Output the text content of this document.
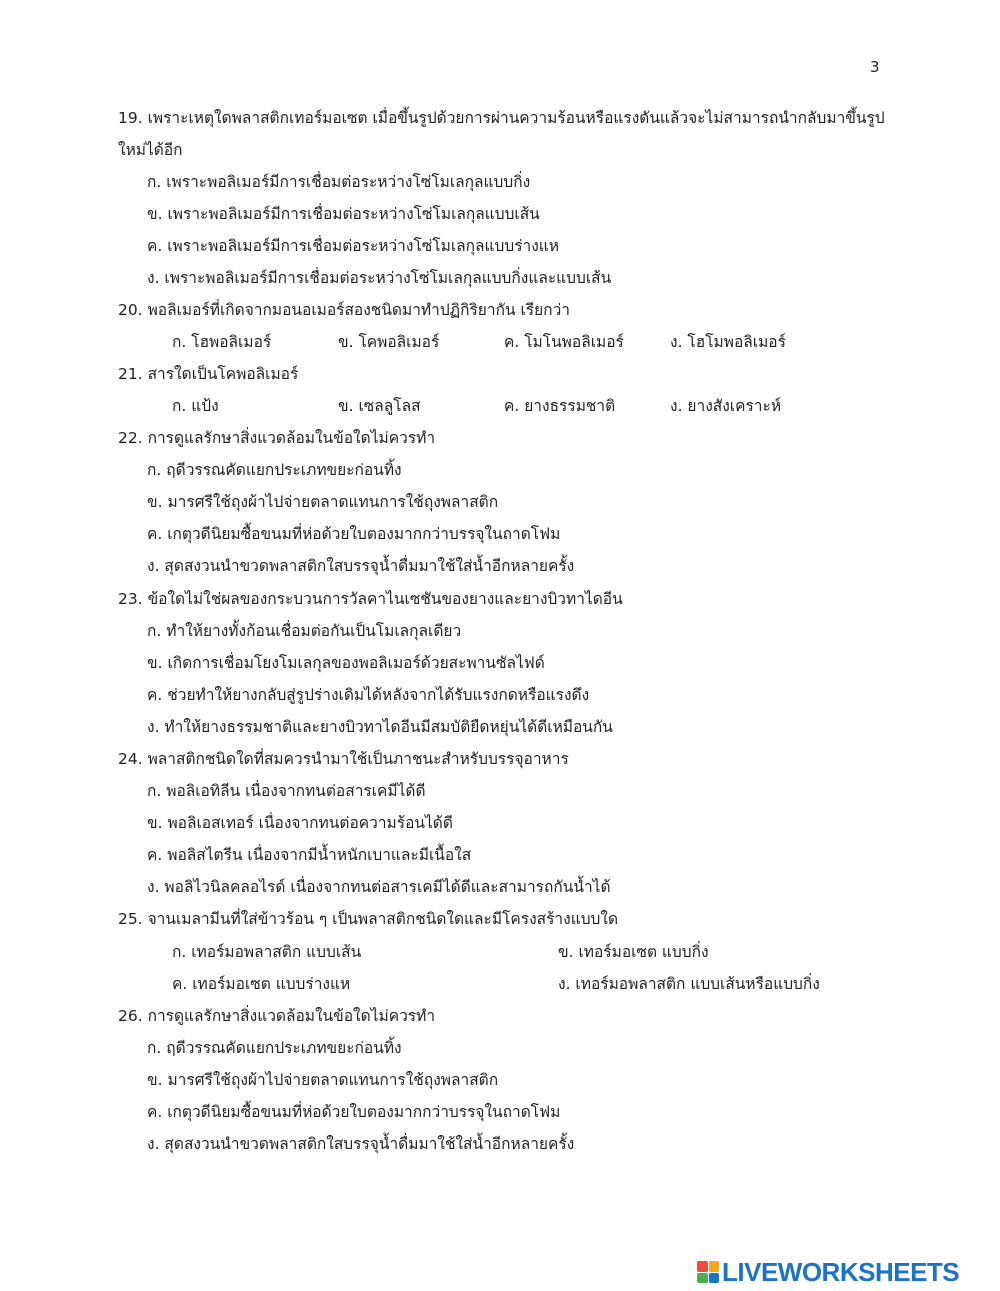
3
19. เพราะเหตุใดพลาสติกเทอร์มอเซต เมื่อขึ้นรูปด้วยการผ่านความร้อนหรือแรงดันแล้วจะไม่สามารถนำกลับมาขึ้นรูป
ใหม่ได้อีก
ก. เพราะพอลิเมอร์มีการเชื่อมต่อระหว่างโซ่โมเลกุลแบบกิ่ง
ข. เพราะพอลิเมอร์มีการเชื่อมต่อระหว่างโซ่โมเลกุลแบบเส้น
ค. เพราะพอลิเมอร์มีการเชื่อมต่อระหว่างโซ่โมเลกุลแบบร่างแห
ง. เพราะพอลิเมอร์มีการเชื่อมต่อระหว่างโซ่โมเลกุลแบบกิ่งและแบบเส้น
20. พอลิเมอร์ที่เกิดจากมอนอเมอร์สองชนิดมาทำปฏิกิริยากัน เรียกว่า
ก. โฮพอลิเมอร์	ข. โคพอลิเมอร์	ค. โมโนพอลิเมอร์	ง. โฮโมพอลิเมอร์
21. สารใดเป็นโคพอลิเมอร์
ก. แป้ง	ข. เซลลูโลส	ค. ยางธรรมชาติ	ง. ยางสังเคราะห์
22. การดูแลรักษาสิ่งแวดล้อมในข้อใดไม่ควรทำ
ก. ฤดีวรรณคัดแยกประเภทขยะก่อนทิ้ง
ข. มารศรีใช้ถุงผ้าไปจ่ายตลาดแทนการใช้ถุงพลาสติก
ค. เกตุวดีนิยมซื้อขนมที่ห่อด้วยใบตองมากกว่าบรรจุในถาดโฟม
ง. สุดสงวนนำขวดพลาสติกใสบรรจุน้ำดื่มมาใช้ใส่น้ำอีกหลายครั้ง
23. ข้อใดไม่ใช่ผลของกระบวนการวัลคาไนเซชันของยางและยางบิวทาไดอีน
ก. ทำให้ยางทั้งก้อนเชื่อมต่อกันเป็นโมเลกุลเดียว
ข. เกิดการเชื่อมโยงโมเลกุลของพอลิเมอร์ด้วยสะพานซัลไฟด์
ค. ช่วยทำให้ยางกลับสู่รูปร่างเดิมได้หลังจากได้รับแรงกดหรือแรงดึง
ง. ทำให้ยางธรรมชาติและยางบิวทาไดอีนมีสมบัติยืดหยุ่นได้ดีเหมือนกัน
24. พลาสติกชนิดใดที่สมควรนำมาใช้เป็นภาชนะสำหรับบรรจุอาหาร
ก. พอลิเอทิลีน เนื่องจากทนต่อสารเคมีได้ดี
ข. พอลิเอสเทอร์ เนื่องจากทนต่อความร้อนได้ดี
ค. พอลิสไตรีน เนื่องจากมีน้ำหนักเบาและมีเนื้อใส
ง. พอลิไวนิลคลอไรด์ เนื่องจากทนต่อสารเคมีได้ดีและสามารถกันน้ำได้
25. จานเมลามีนที่ใส่ข้าวร้อน ๆ เป็นพลาสติกชนิดใดและมีโครงสร้างแบบใด
ก. เทอร์มอพลาสติก แบบเส้น	ข. เทอร์มอเซต แบบกิ่ง
ค. เทอร์มอเซต แบบร่างแห	ง. เทอร์มอพลาสติก แบบเส้นหรือแบบกิ่ง
26. การดูแลรักษาสิ่งแวดล้อมในข้อใดไม่ควรทำ
ก. ฤดีวรรณคัดแยกประเภทขยะก่อนทิ้ง
ข. มารศรีใช้ถุงผ้าไปจ่ายตลาดแทนการใช้ถุงพลาสติก
ค. เกตุวดีนิยมซื้อขนมที่ห่อด้วยใบตองมากกว่าบรรจุในถาดโฟม
ง. สุดสงวนนำขวดพลาสติกใสบรรจุน้ำดื่มมาใช้ใส่น้ำอีกหลายครั้ง
LIVEWORKSHEETS
